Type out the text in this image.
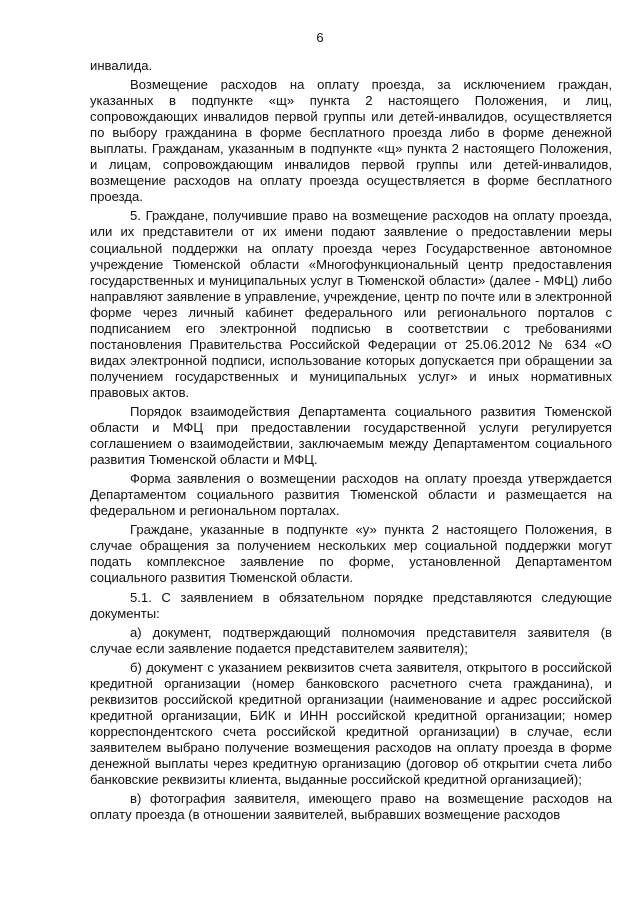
6

инвалида.

Возмещение расходов на оплату проезда, за исключением граждан, указанных в подпункте «щ» пункта 2 настоящего Положения, и лиц, сопровождающих инвалидов первой группы или детей-инвалидов, осуществляется по выбору гражданина в форме бесплатного проезда либо в форме денежной выплаты. Гражданам, указанным в подпункте «щ» пункта 2 настоящего Положения, и лицам, сопровождающим инвалидов первой группы или детей-инвалидов, возмещение расходов на оплату проезда осуществляется в форме бесплатного проезда.

5. Граждане, получившие право на возмещение расходов на оплату проезда, или их представители от их имени подают заявление о предоставлении меры социальной поддержки на оплату проезда через Государственное автономное учреждение Тюменской области «Многофункциональный центр предоставления государственных и муниципальных услуг в Тюменской области» (далее - МФЦ) либо направляют заявление в управление, учреждение, центр по почте или в электронной форме через личный кабинет федерального или регионального порталов с подписанием его электронной подписью в соответствии с требованиями постановления Правительства Российской Федерации от 25.06.2012 № 634 «О видах электронной подписи, использование которых допускается при обращении за получением государственных и муниципальных услуг» и иных нормативных правовых актов.

Порядок взаимодействия Департамента социального развития Тюменской области и МФЦ при предоставлении государственной услуги регулируется соглашением о взаимодействии, заключаемым между Департаментом социального развития Тюменской области и МФЦ.

Форма заявления о возмещении расходов на оплату проезда утверждается Департаментом социального развития Тюменской области и размещается на федеральном и региональном порталах.

Граждане, указанные в подпункте «у» пункта 2 настоящего Положения, в случае обращения за получением нескольких мер социальной поддержки могут подать комплексное заявление по форме, установленной Департаментом социального развития Тюменской области.

5.1. С заявлением в обязательном порядке представляются следующие документы:

а) документ, подтверждающий полномочия представителя заявителя (в случае если заявление подается представителем заявителя);

б) документ с указанием реквизитов счета заявителя, открытого в российской кредитной организации (номер банковского расчетного счета гражданина), и реквизитов российской кредитной организации (наименование и адрес российской кредитной организации, БИК и ИНН российской кредитной организации; номер корреспондентского счета российской кредитной организации) в случае, если заявителем выбрано получение возмещения расходов на оплату проезда в форме денежной выплаты через кредитную организацию (договор об открытии счета либо банковские реквизиты клиента, выданные российской кредитной организацией);

в) фотография заявителя, имеющего право на возмещение расходов на оплату проезда (в отношении заявителей, выбравших возмещение расходов
